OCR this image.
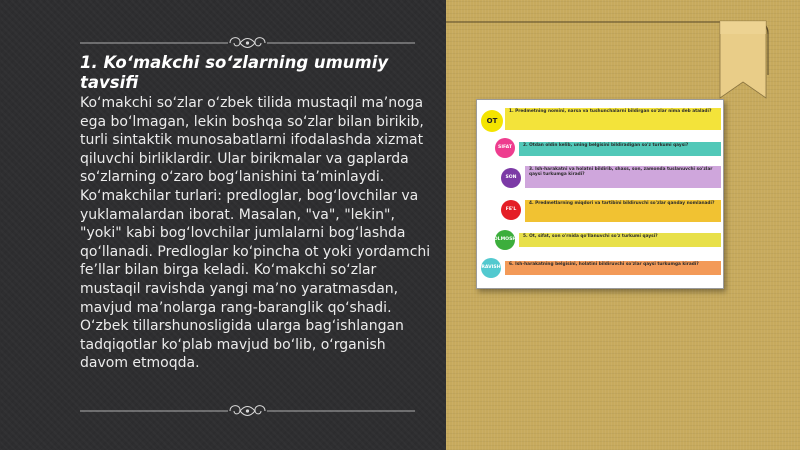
1. Ko‘makchi so‘zlarning umumiy tavsifi
Ko‘makchi so‘zlar o‘zbek tilida mustaqil ma’noga ega bo‘lmagan, lekin boshqa so‘zlar bilan birikib, turli sintaktik munosabatlarni ifodalashda xizmat qiluvchi birliklardir. Ular birikmalar va gaplarda so‘zlarning o‘zaro bog‘lanishini ta’minlaydi. Ko‘makchilar turlari: predloglar, bog‘lovchilar va yuklamalardan iborat. Masalan, "va", "lekin", "yoki" kabi bog‘lovchilar jumlalarni bog‘lashda qo‘llanadi. Predloglar ko‘pincha ot yoki yordamchi fe’llar bilan birga keladi. Ko‘makchi so‘zlar mustaqil ravishda yangi ma’no yaratmasdan, mavjud ma’nolarga rang-baranglik qo‘shadi. O‘zbek tillarshunosligida ularga bag‘ishlangan tadqiqotlar ko‘plab mavjud bo‘lib, o‘rganish davom etmoqda.
OT
1. Predmetning nomini, narsa va tushunchalarni bildirgan so'zlar nima deb ataladi?
SIFAT	2. Otdan oldin kelib, uning belgisini bildiradigan so'z turkumi qaysi?
SON
3. Ish-harakatni va holatni bildirib, shaxs, son, zamonda tuslanuvchi so'zlar qaysi turkumga kiradi?
FE'L
4. Predmetlarning miqdori va tartibini bildiruvchi so'zlar qanday nomlanadi?
OLMOSH
5. Ot, sifat, son o'rnida qo'llanuvchi so'z turkumi qaysi?
RAVISH
6. Ish-harakatning belgisini, holatini bildiruvchi so'zlar qaysi turkumga kiradi?
